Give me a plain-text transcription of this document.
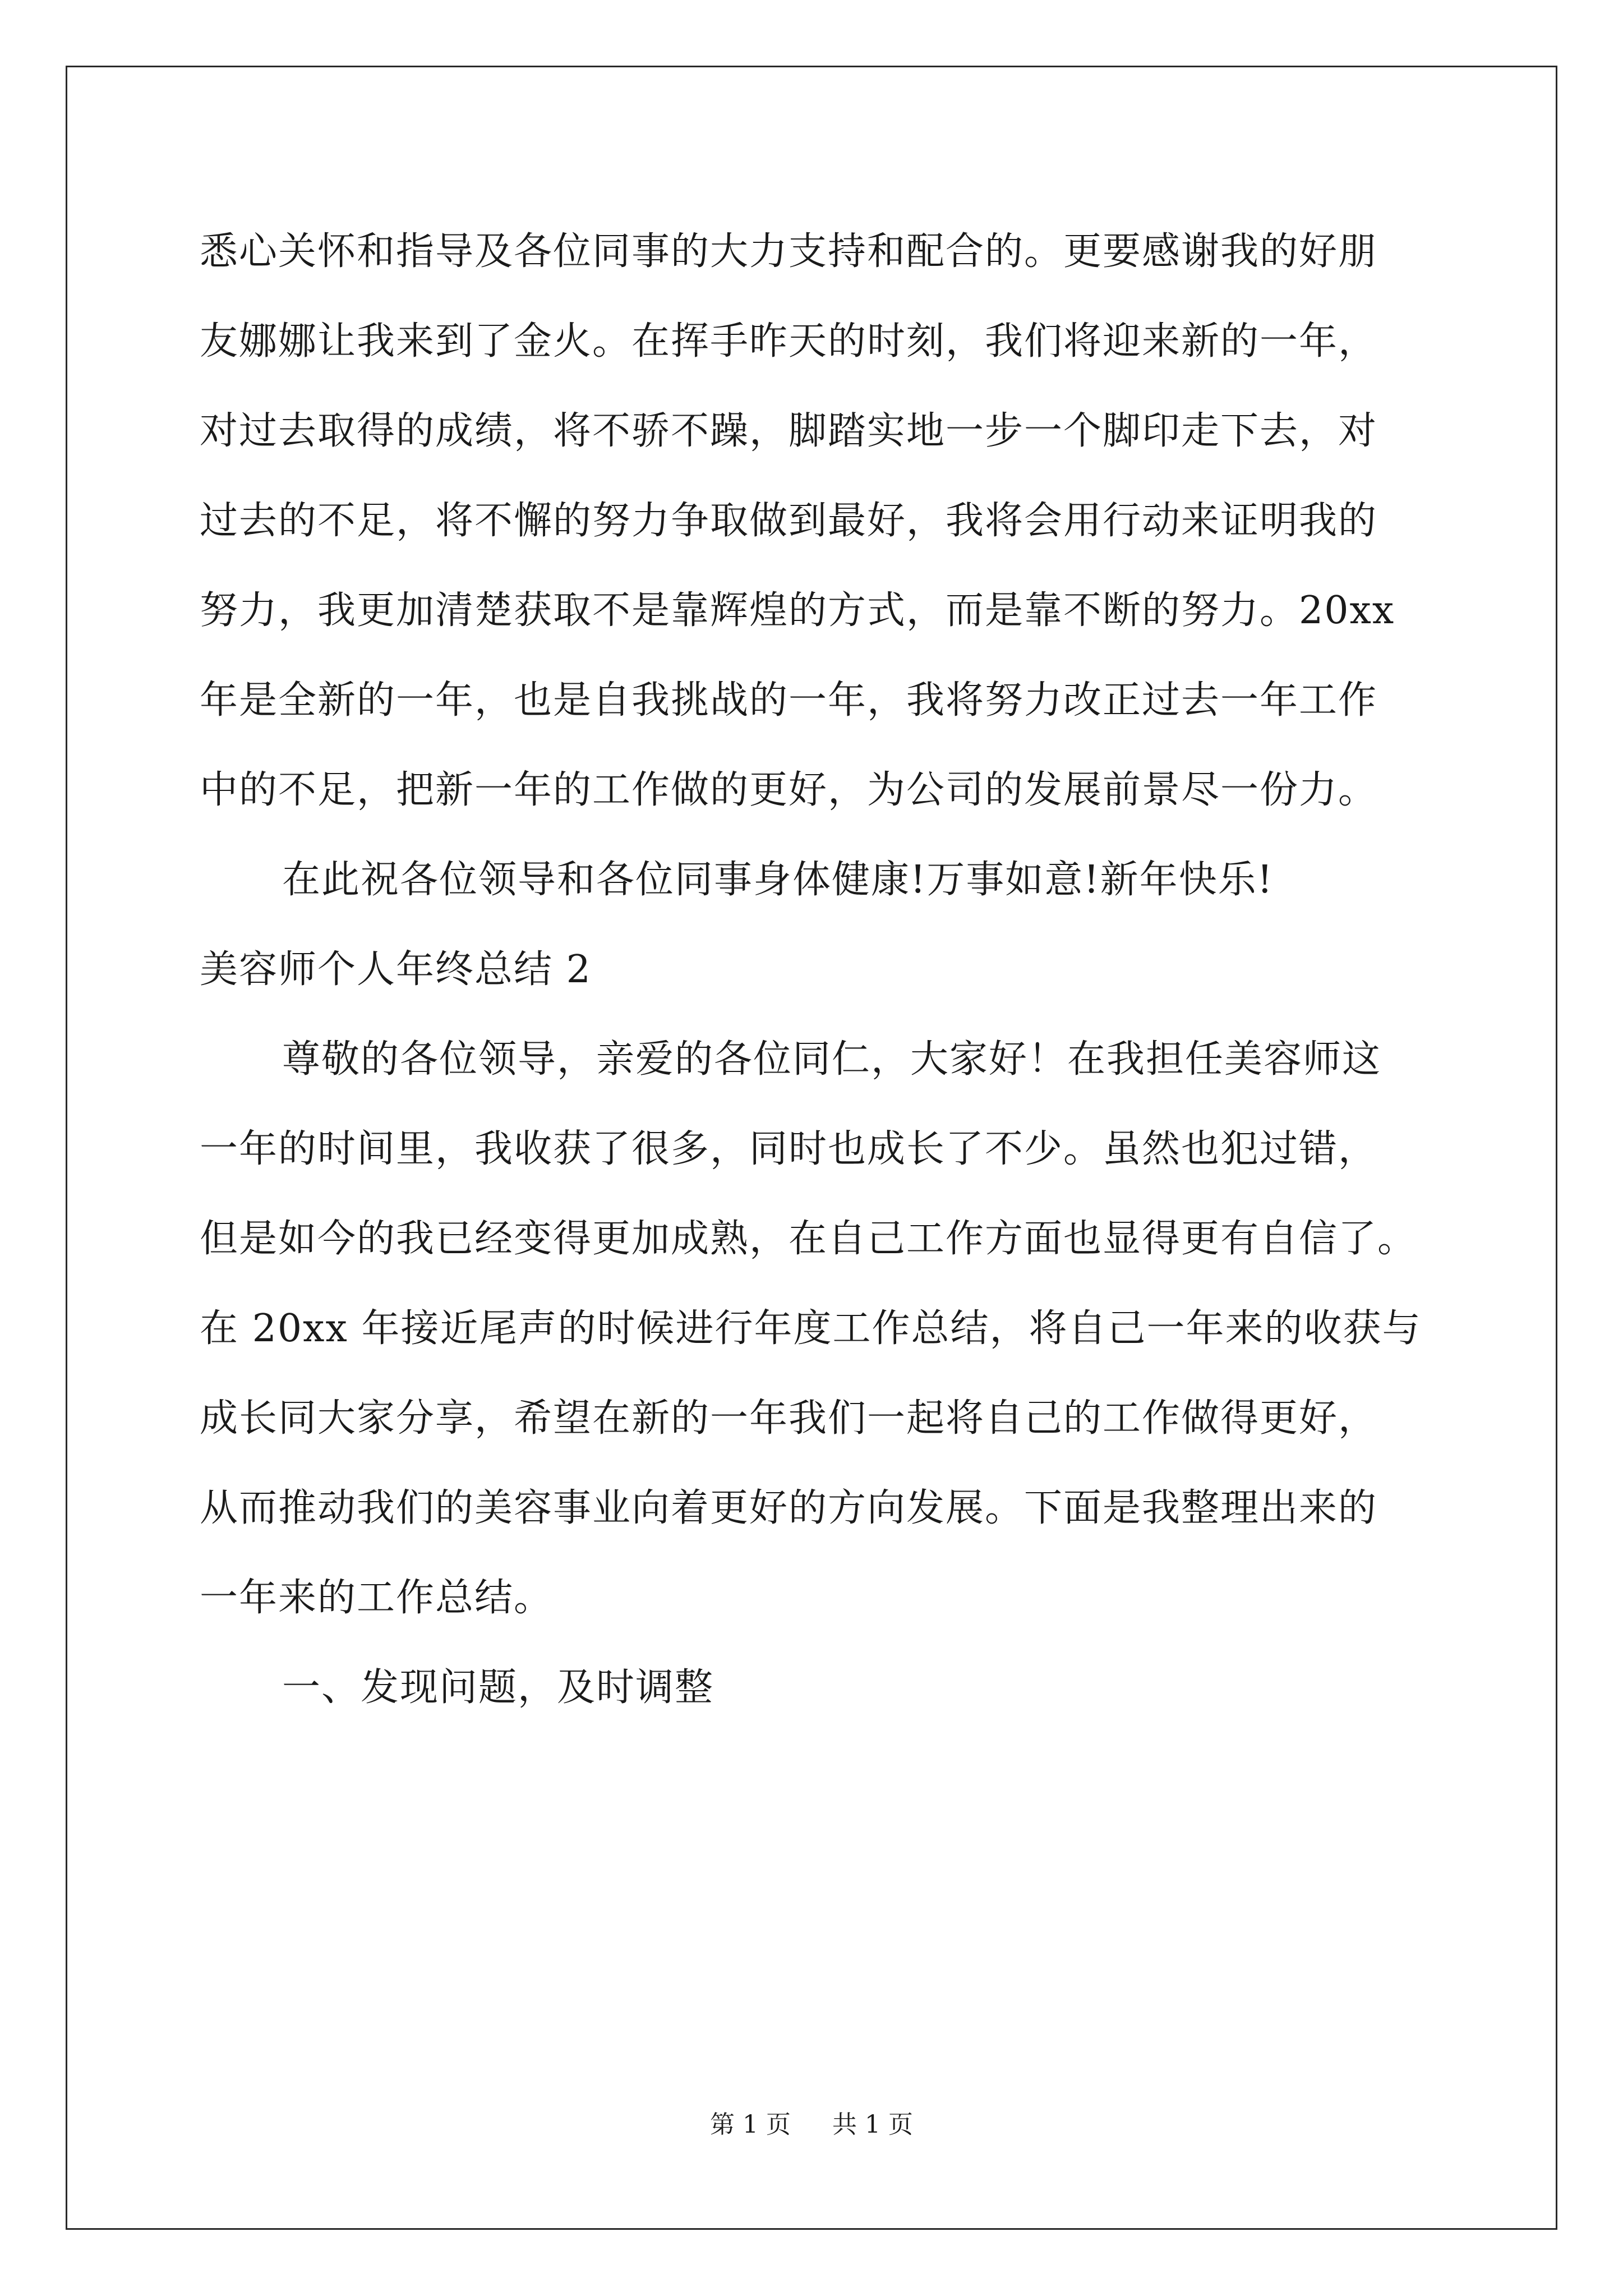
悉心关怀和指导及各位同事的大力支持和配合的。更要感谢我的好朋
友娜娜让我来到了金火。在挥手昨天的时刻，我们将迎来新的一年，
对过去取得的成绩，将不骄不躁，脚踏实地一步一个脚印走下去，对
过去的不足，将不懈的努力争取做到最好，我将会用行动来证明我的
努力，我更加清楚获取不是靠辉煌的方式，而是靠不断的努力。20xx
年是全新的一年，也是自我挑战的一年，我将努力改正过去一年工作
中的不足，把新一年的工作做的更好，为公司的发展前景尽一份力。
在此祝各位领导和各位同事身体健康!万事如意!新年快乐!
美容师个人年终总结 2
尊敬的各位领导，亲爱的各位同仁，大家好！在我担任美容师这
一年的时间里，我收获了很多，同时也成长了不少。虽然也犯过错，
但是如今的我已经变得更加成熟，在自己工作方面也显得更有自信了。
在 20xx 年接近尾声的时候进行年度工作总结，将自己一年来的收获与
成长同大家分享，希望在新的一年我们一起将自己的工作做得更好，
从而推动我们的美容事业向着更好的方向发展。下面是我整理出来的
一年来的工作总结。
一、发现问题，及时调整
第 1 页 共 1 页
